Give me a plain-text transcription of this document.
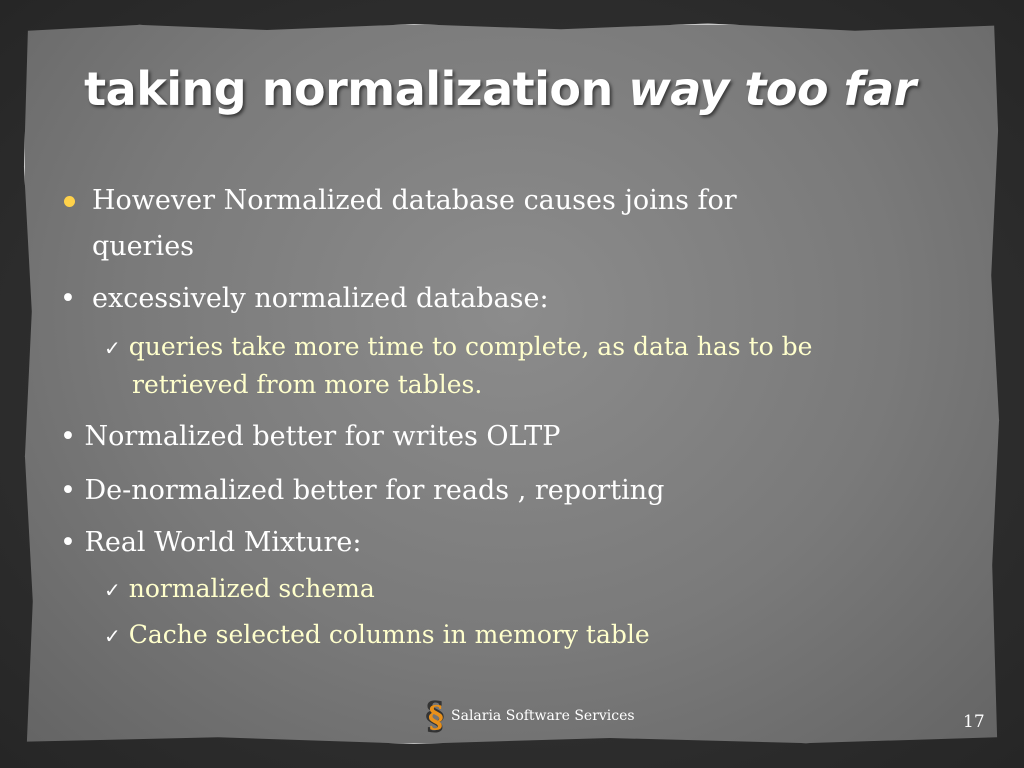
taking normalization way too far
However Normalized database causes joins for
queries
• excessively normalized database:
✓ queries take more time to complete, as data has to be
retrieved from more tables.
• Normalized better for writes OLTP
• De-normalized better for reads , reporting
• Real World Mixture:
✓ normalized schema
✓ Cache selected columns in memory table
§ § Salaria Software Services	17
